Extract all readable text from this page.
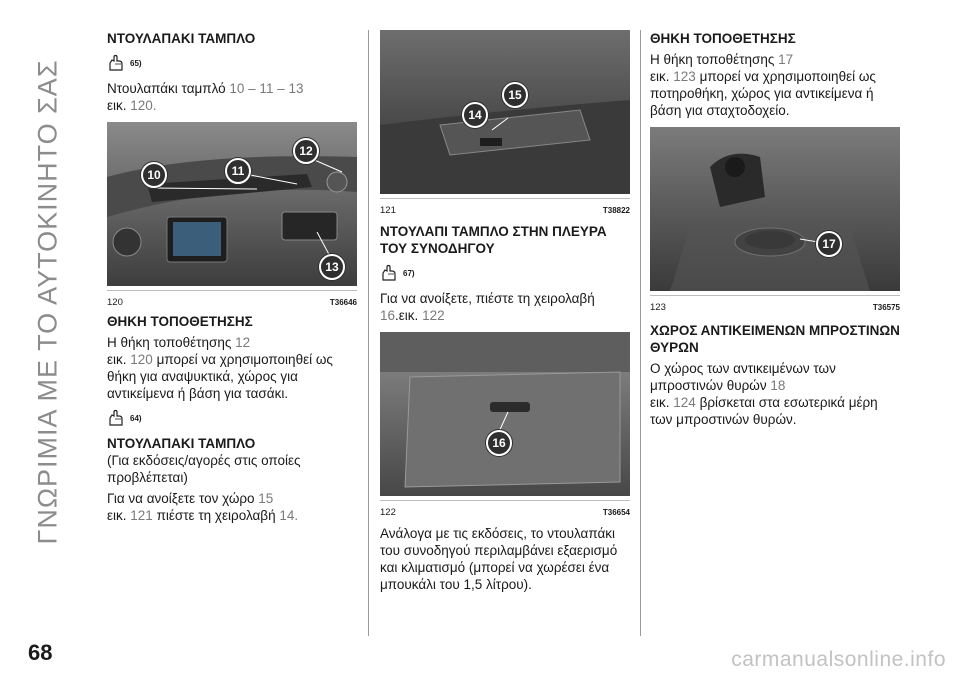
ΓΝΩΡΙΜΙΑ ΜΕ ΤΟ ΑΥΤΟΚΙΝΗΤΟ ΣΑΣ
ΝΤΟΥΛΑΠΑΚΙ ΤΑΜΠΛΟ
65)

Ντουλαπάκι ταμπλό 10 – 11 – 13
εικ. 120.

10	11
12
13
120	T36646
ΘΗΚΗ ΤΟΠΟΘΕΤΗΣΗΣ

Η θήκη τοποθέτησης 12
εικ. 120 μπορεί να χρησιμοποιηθεί ως θήκη για αναψυκτικά, χώρος για αντικείμενα ή βάση για τασάκι.

64)
ΝΤΟΥΛΑΠΑΚΙ ΤΑΜΠΛΟ

(Για εκδόσεις/αγορές στις οποίες προβλέπεται)

Για να ανοίξετε τον χώρο 15
εικ. 121 πιέστε τη χειρολαβή 14.

14
15
121	T38822
ΝΤΟΥΛΑΠΙ ΤΑΜΠΛΟ ΣΤΗΝ ΠΛΕΥΡΑ ΤΟΥ ΣΥΝΟΔΗΓΟΥ
67)

Για να ανοίξετε, πιέστε τη χειρολαβή
16.εικ. 122

16
122	T36654

Ανάλογα με τις εκδόσεις, το ντουλαπάκι του συνοδηγού περιλαμβάνει εξαερισμό και κλιματισμό (μπορεί να χωρέσει ένα μπουκάλι του 1,5 λίτρου).

ΘΗΚΗ ΤΟΠΟΘΕΤΗΣΗΣ

Η θήκη τοποθέτησης 17
εικ. 123 μπορεί να χρησιμοποιηθεί ως ποτηροθήκη, χώρος για αντικείμενα ή βάση για σταχτοδοχείο.

17
123	T36575
ΧΩΡΟΣ ΑΝΤΙΚΕΙΜΕΝΩΝ ΜΠΡΟΣΤΙΝΩΝ ΘΥΡΩΝ

Ο χώρος των αντικειμένων των μπροστινών θυρών 18
εικ. 124 βρίσκεται στα εσωτερικά μέρη των μπροστινών θυρών.

68	carmanualsonline.info
